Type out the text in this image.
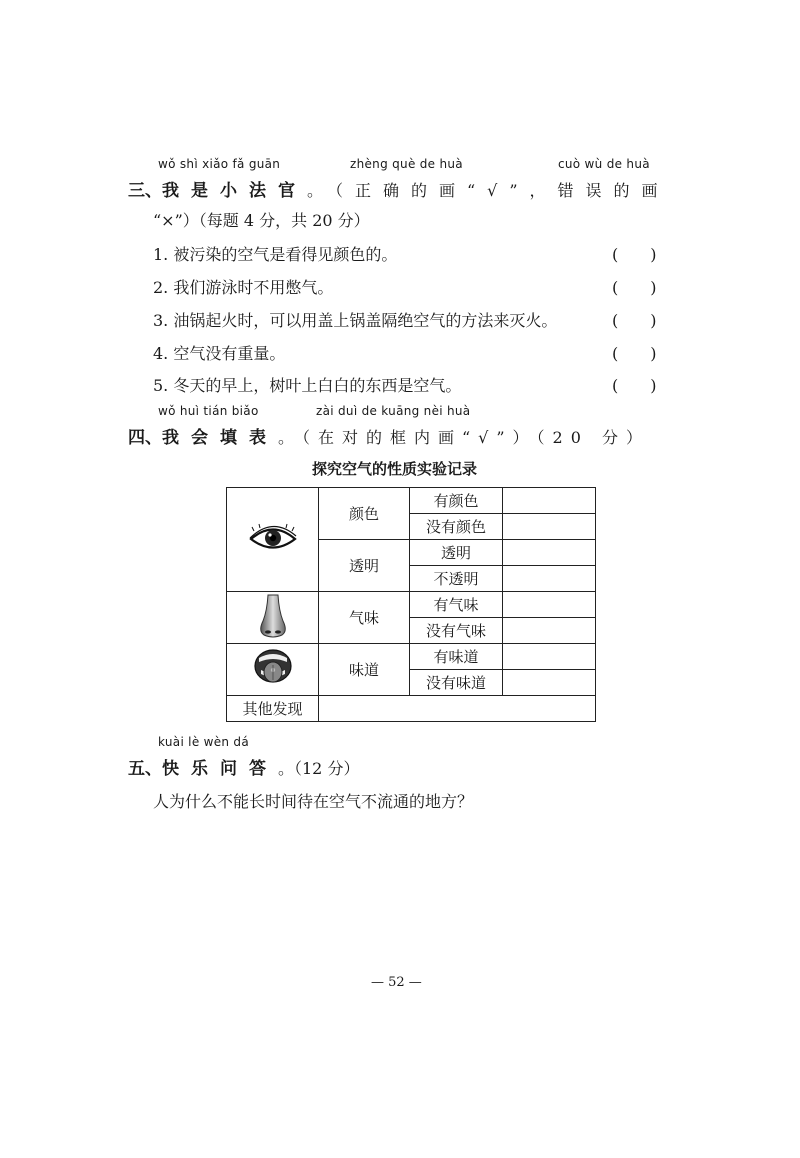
wǒ shì xiǎo fǎ guān	zhèng què de huà	cuò wù de huà
三、我是小法官。（正确的画“√”，错误的画
“×”）（每题 4 分，共 20 分）
1. 被污染的空气是看得见颜色的。	(　　)
2. 我们游泳时不用憋气。	(　　)
3. 油锅起火时，可以用盖上锅盖隔绝空气的方法来灭火。	(　　)
4. 空气没有重量。	(　　)
5. 冬天的早上，树叶上白白的东西是空气。	(　　)
wǒ huì tián biǎo	zài duì de kuāng nèi huà
四、我会填表。（在对的框内画“√”）（20 分）
探究空气的性质实验记录
	颜色	有颜色	
		没有颜色	
	透明	透明	
		不透明	
	气味	有气味	
		没有气味	
	味道	有味道	
		没有味道	
其他发现			
kuài lè wèn dá
五、快乐问答。（12 分）
人为什么不能长时间待在空气不流通的地方？
— 52 —
